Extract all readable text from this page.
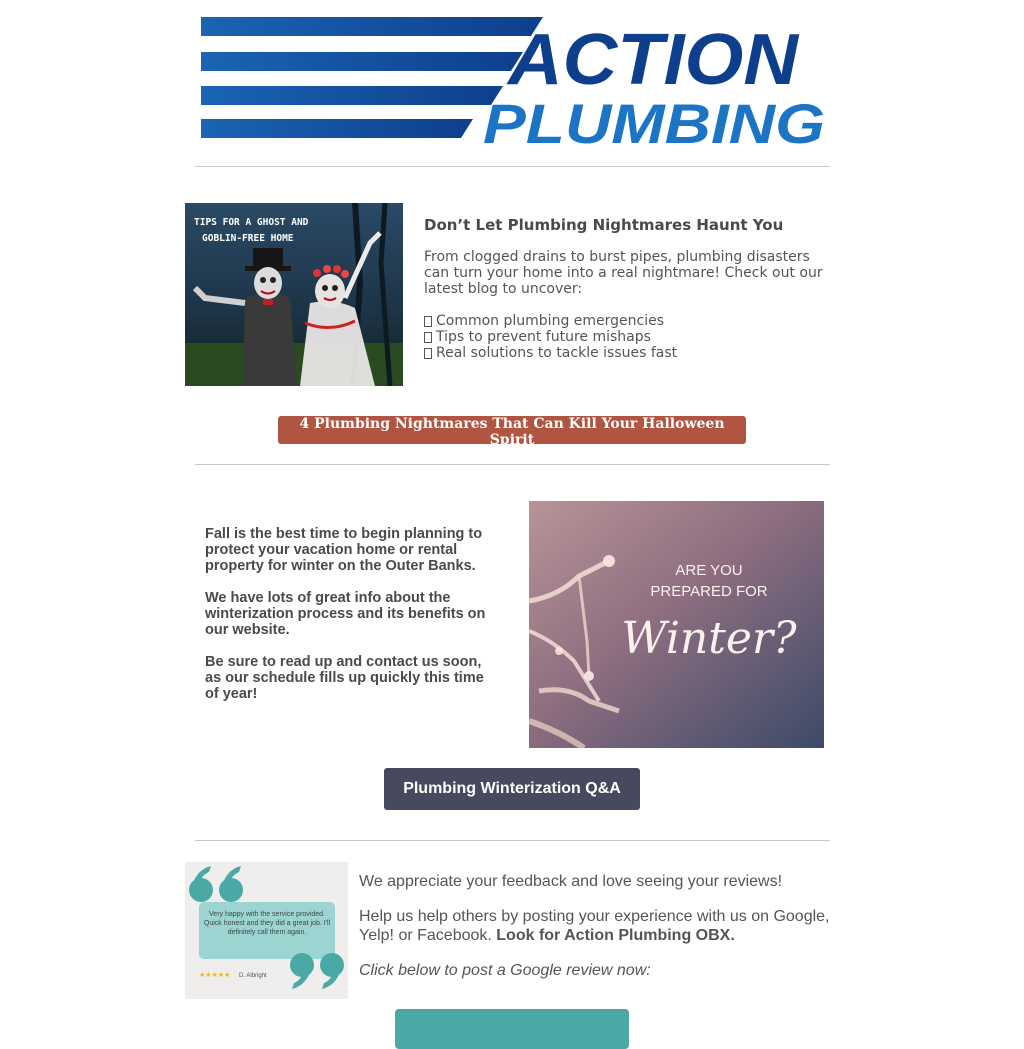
ACTION
PLUMBING
TIPS FOR A GHOST AND
GOBLIN-FREE HOME
Don’t Let Plumbing Nightmares Haunt You

From clogged drains to burst pipes, plumbing disasters can turn your home into a real nightmare! Check out our latest blog to uncover:

Common plumbing emergencies
Tips to prevent future mishaps
Real solutions to tackle issues fast
4 Plumbing Nightmares That Can Kill Your Halloween Spirit

Fall is the best time to begin planning to protect your vacation home or rental property for winter on the Outer Banks.

We have lots of great info about the winterization process and its benefits on our website.

Be sure to read up and contact us soon, as our schedule fills up quickly this time of year!

ARE YOU
PREPARED FOR
Winter?
Plumbing Winterization Q&A
Very happy with the service provided. Quick honest and they did a great job. I'll definitely call them again.
★★★★★ D. Albright

We appreciate your feedback and love seeing your reviews!

Help us help others by posting your experience with us on Google, Yelp! or Facebook. Look for Action Plumbing OBX.

Click below to post a Google review now:
